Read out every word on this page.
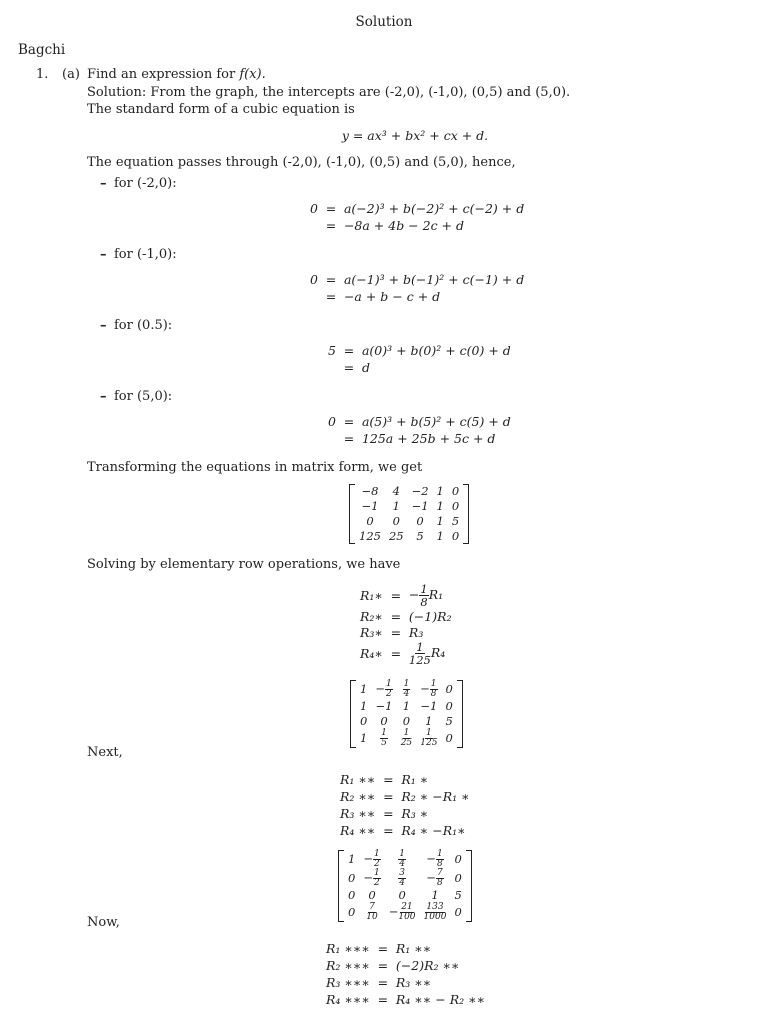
Solution
Bagchi
1. (a) Find an expression for f(x).
Solution: From the graph, the intercepts are (-2,0), (-1,0), (0,5) and (5,0).
The standard form of a cubic equation is
y = ax³ + bx² + cx + d.
The equation passes through (-2,0), (-1,0), (0,5) and (5,0), hence,
– for (-2,0):
0 = a(−2)³ + b(−2)² + c(−2) + d
= −8a + 4b − 2c + d
– for (-1,0):
0 = a(−1)³ + b(−1)² + c(−1) + d
= −a + b − c + d
– for (0.5):
5 = a(0)³ + b(0)² + c(0) + d
= d
– for (5,0):
0 = a(5)³ + b(5)² + c(5) + d
= 125a + 25b + 5c + d
Transforming the equations in matrix form, we get
−8	4	−2	1	0
−1	1	−1	1	0
0	0	0	1	5
125	25	5	1	0
Solving by elementary row operations, we have
R₁∗ = − $\frac{1}{8} R_1$
R₂∗ = (−1)R₂
R₃∗ = R₃
R₄∗ = $\frac{1}{125} R_4$
1	− $\frac{1}{2}$	$\frac{1}{4}$	− $\frac{1}{8}$	0
1	−1	1	−1	0
0	0	0	1	5
1	$\frac{1}{5}$	$\frac{1}{25}$	$\frac{1}{125}$	0
Next,
R₁ ∗∗ = R₁ ∗
R₂ ∗∗ = R₂ ∗ −R₁ ∗
R₃ ∗∗ = R₃ ∗
R₄ ∗∗ = R₄ ∗ −R₁∗
1	− $\frac{1}{2}$	$\frac{1}{4}$	− $\frac{1}{8}$	0
0	− $\frac{1}{2}$	$\frac{3}{4}$	− $\frac{7}{8}$	0
0	0	0	1	5
0	$\frac{7}{10}$	− $\frac{21}{100}$	$\frac{133}{1000}$	0
Now,
R₁ ∗∗∗ = R₁ ∗∗
R₂ ∗∗∗ = (−2)R₂ ∗∗
R₃ ∗∗∗ = R₃ ∗∗
R₄ ∗∗∗ = R₄ ∗∗ − R₂ ∗∗
